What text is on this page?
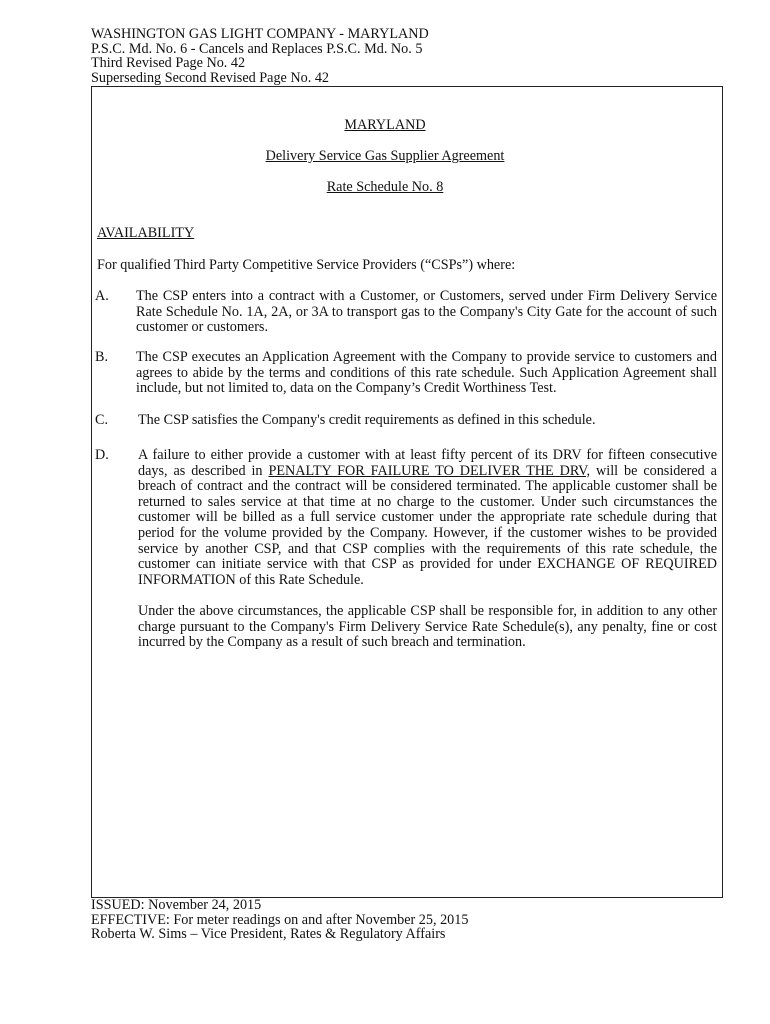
WASHINGTON GAS LIGHT COMPANY - MARYLAND
P.S.C. Md. No. 6 - Cancels and Replaces P.S.C. Md. No. 5
Third Revised Page No. 42
Superseding Second Revised Page No. 42
MARYLAND
Delivery Service Gas Supplier Agreement
Rate Schedule No. 8
AVAILABILITY
For qualified Third Party Competitive Service Providers (“CSPs”) where:
A. The CSP enters into a contract with a Customer, or Customers, served under Firm Delivery Service Rate Schedule No. 1A, 2A, or 3A to transport gas to the Company's City Gate for the account of such customer or customers.
B. The CSP executes an Application Agreement with the Company to provide service to customers and agrees to abide by the terms and conditions of this rate schedule. Such Application Agreement shall include, but not limited to, data on the Company’s Credit Worthiness Test.
C. The CSP satisfies the Company's credit requirements as defined in this schedule.
D. A failure to either provide a customer with at least fifty percent of its DRV for fifteen consecutive days, as described in PENALTY FOR FAILURE TO DELIVER THE DRV, will be considered a breach of contract and the contract will be considered terminated. The applicable customer shall be returned to sales service at that time at no charge to the customer. Under such circumstances the customer will be billed as a full service customer under the appropriate rate schedule during that period for the volume provided by the Company. However, if the customer wishes to be provided service by another CSP, and that CSP complies with the requirements of this rate schedule, the customer can initiate service with that CSP as provided for under EXCHANGE OF REQUIRED INFORMATION of this Rate Schedule.
Under the above circumstances, the applicable CSP shall be responsible for, in addition to any other charge pursuant to the Company's Firm Delivery Service Rate Schedule(s), any penalty, fine or cost incurred by the Company as a result of such breach and termination.
ISSUED: November 24, 2015
EFFECTIVE: For meter readings on and after November 25, 2015
Roberta W. Sims – Vice President, Rates & Regulatory Affairs
